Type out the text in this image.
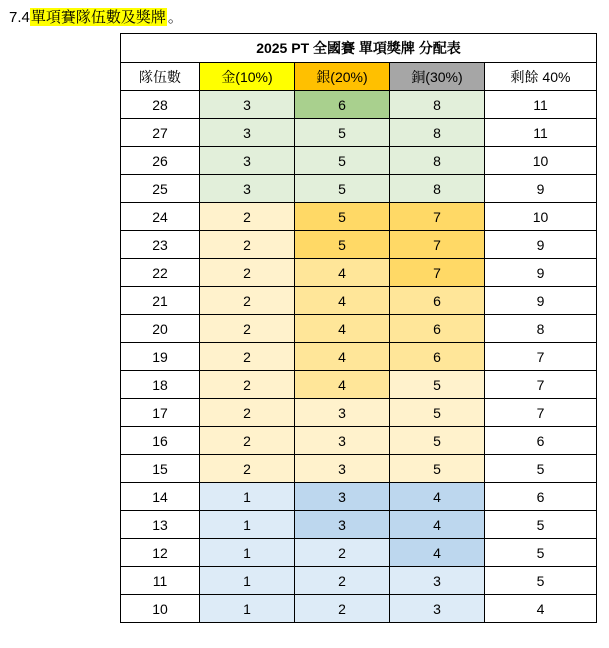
7.4單項賽隊伍數及獎牌 。
2025 PT 全國賽 單項獎牌 分配表				
隊伍數	金(10%)	銀(20%)	銅(30%)	剩餘 40%
28	3	6	8	11
27	3	5	8	11
26	3	5	8	10
25	3	5	8	9
24	2	5	7	10
23	2	5	7	9
22	2	4	7	9
21	2	4	6	9
20	2	4	6	8
19	2	4	6	7
18	2	4	5	7
17	2	3	5	7
16	2	3	5	6
15	2	3	5	5
14	1	3	4	6
13	1	3	4	5
12	1	2	4	5
11	1	2	3	5
10	1	2	3	4
